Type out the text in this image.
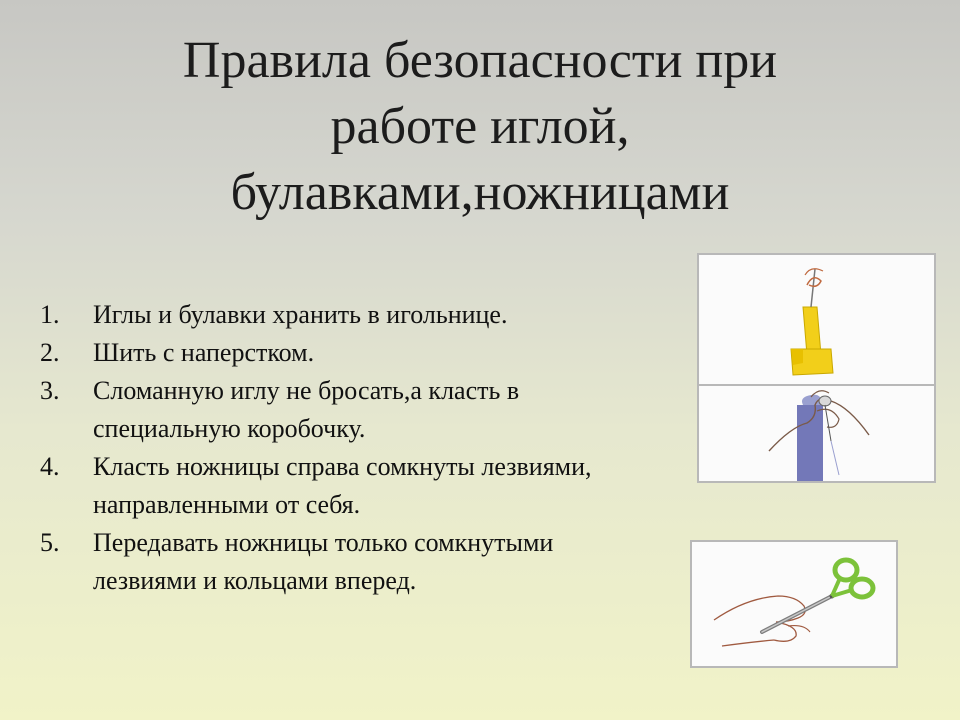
Правила безопасности при
работе иглой,
булавками,ножницами
1. Иглы и булавки хранить в игольнице.
2. Шить с наперстком.
3. Сломанную иглу не бросать,а класть в
специальную коробочку.
4. Класть ножницы справа сомкнуты лезвиями,
направленными от себя.
5. Передавать ножницы только сомкнутыми
лезвиями и кольцами вперед.
